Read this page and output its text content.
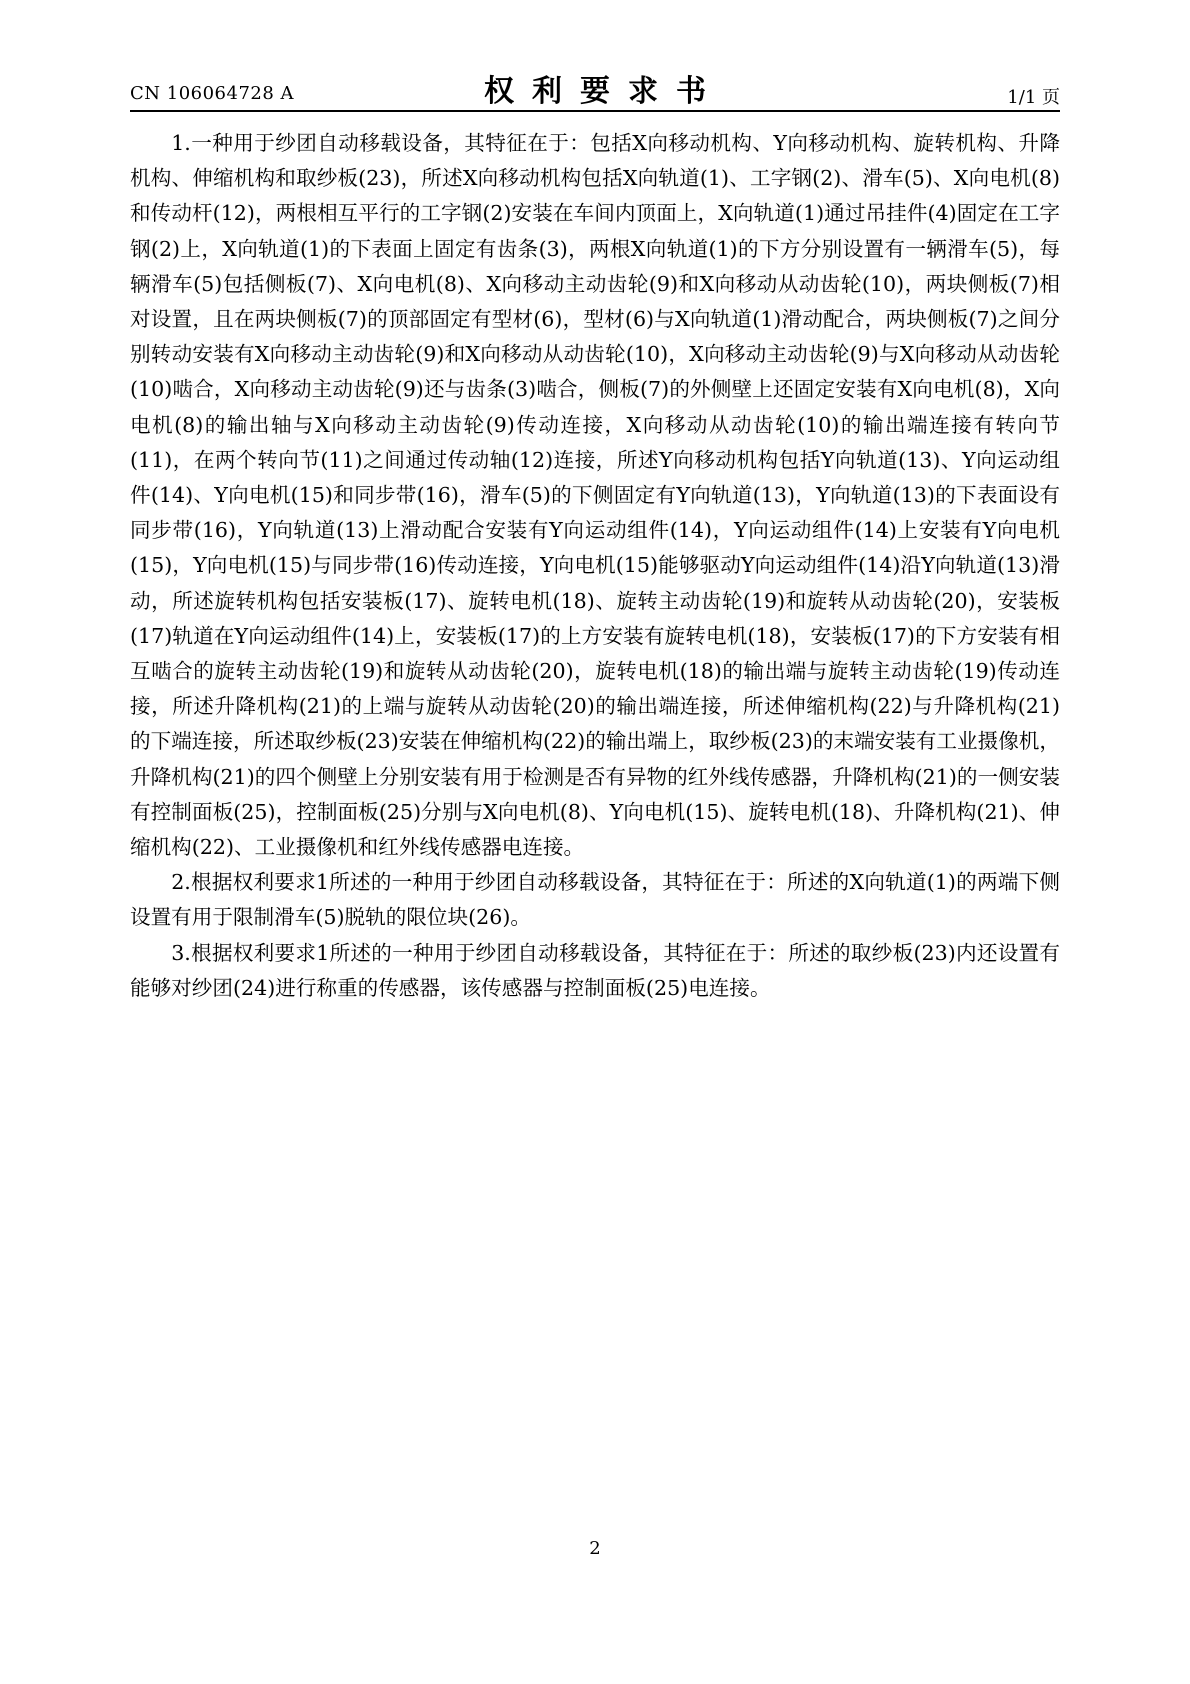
CN 106064728 A	权利要求书	1/1 页

1.一种用于纱团自动移载设备，其特征在于：包括X向移动机构、Y向移动机构、旋转机构、升降机构、伸缩机构和取纱板(23)，所述X向移动机构包括X向轨道(1)、工字钢(2)、滑车(5)、X向电机(8)和传动杆(12)，两根相互平行的工字钢(2)安装在车间内顶面上，X向轨道(1)通过吊挂件(4)固定在工字钢(2)上，X向轨道(1)的下表面上固定有齿条(3)，两根X向轨道(1)的下方分别设置有一辆滑车(5)，每辆滑车(5)包括侧板(7)、X向电机(8)、X向移动主动齿轮(9)和X向移动从动齿轮(10)，两块侧板(7)相对设置，且在两块侧板(7)的顶部固定有型材(6)，型材(6)与X向轨道(1)滑动配合，两块侧板(7)之间分别转动安装有X向移动主动齿轮(9)和X向移动从动齿轮(10)，X向移动主动齿轮(9)与X向移动从动齿轮(10)啮合，X向移动主动齿轮(9)还与齿条(3)啮合，侧板(7)的外侧壁上还固定安装有X向电机(8)，X向电机(8)的输出轴与X向移动主动齿轮(9)传动连接，X向移动从动齿轮(10)的输出端连接有转向节(11)，在两个转向节(11)之间通过传动轴(12)连接，所述Y向移动机构包括Y向轨道(13)、Y向运动组件(14)、Y向电机(15)和同步带(16)，滑车(5)的下侧固定有Y向轨道(13)，Y向轨道(13)的下表面设有同步带(16)，Y向轨道(13)上滑动配合安装有Y向运动组件(14)，Y向运动组件(14)上安装有Y向电机(15)，Y向电机(15)与同步带(16)传动连接，Y向电机(15)能够驱动Y向运动组件(14)沿Y向轨道(13)滑动，所述旋转机构包括安装板(17)、旋转电机(18)、旋转主动齿轮(19)和旋转从动齿轮(20)，安装板(17)轨道在Y向运动组件(14)上，安装板(17)的上方安装有旋转电机(18)，安装板(17)的下方安装有相互啮合的旋转主动齿轮(19)和旋转从动齿轮(20)，旋转电机(18)的输出端与旋转主动齿轮(19)传动连接，所述升降机构(21)的上端与旋转从动齿轮(20)的输出端连接，所述伸缩机构(22)与升降机构(21)的下端连接，所述取纱板(23)安装在伸缩机构(22)的输出端上，取纱板(23)的末端安装有工业摄像机，升降机构(21)的四个侧壁上分别安装有用于检测是否有异物的红外线传感器，升降机构(21)的一侧安装有控制面板(25)，控制面板(25)分别与X向电机(8)、Y向电机(15)、旋转电机(18)、升降机构(21)、伸缩机构(22)、工业摄像机和红外线传感器电连接。

2.根据权利要求1所述的一种用于纱团自动移载设备，其特征在于：所述的X向轨道(1)的两端下侧设置有用于限制滑车(5)脱轨的限位块(26)。

3.根据权利要求1所述的一种用于纱团自动移载设备，其特征在于：所述的取纱板(23)内还设置有能够对纱团(24)进行称重的传感器，该传感器与控制面板(25)电连接。

2
